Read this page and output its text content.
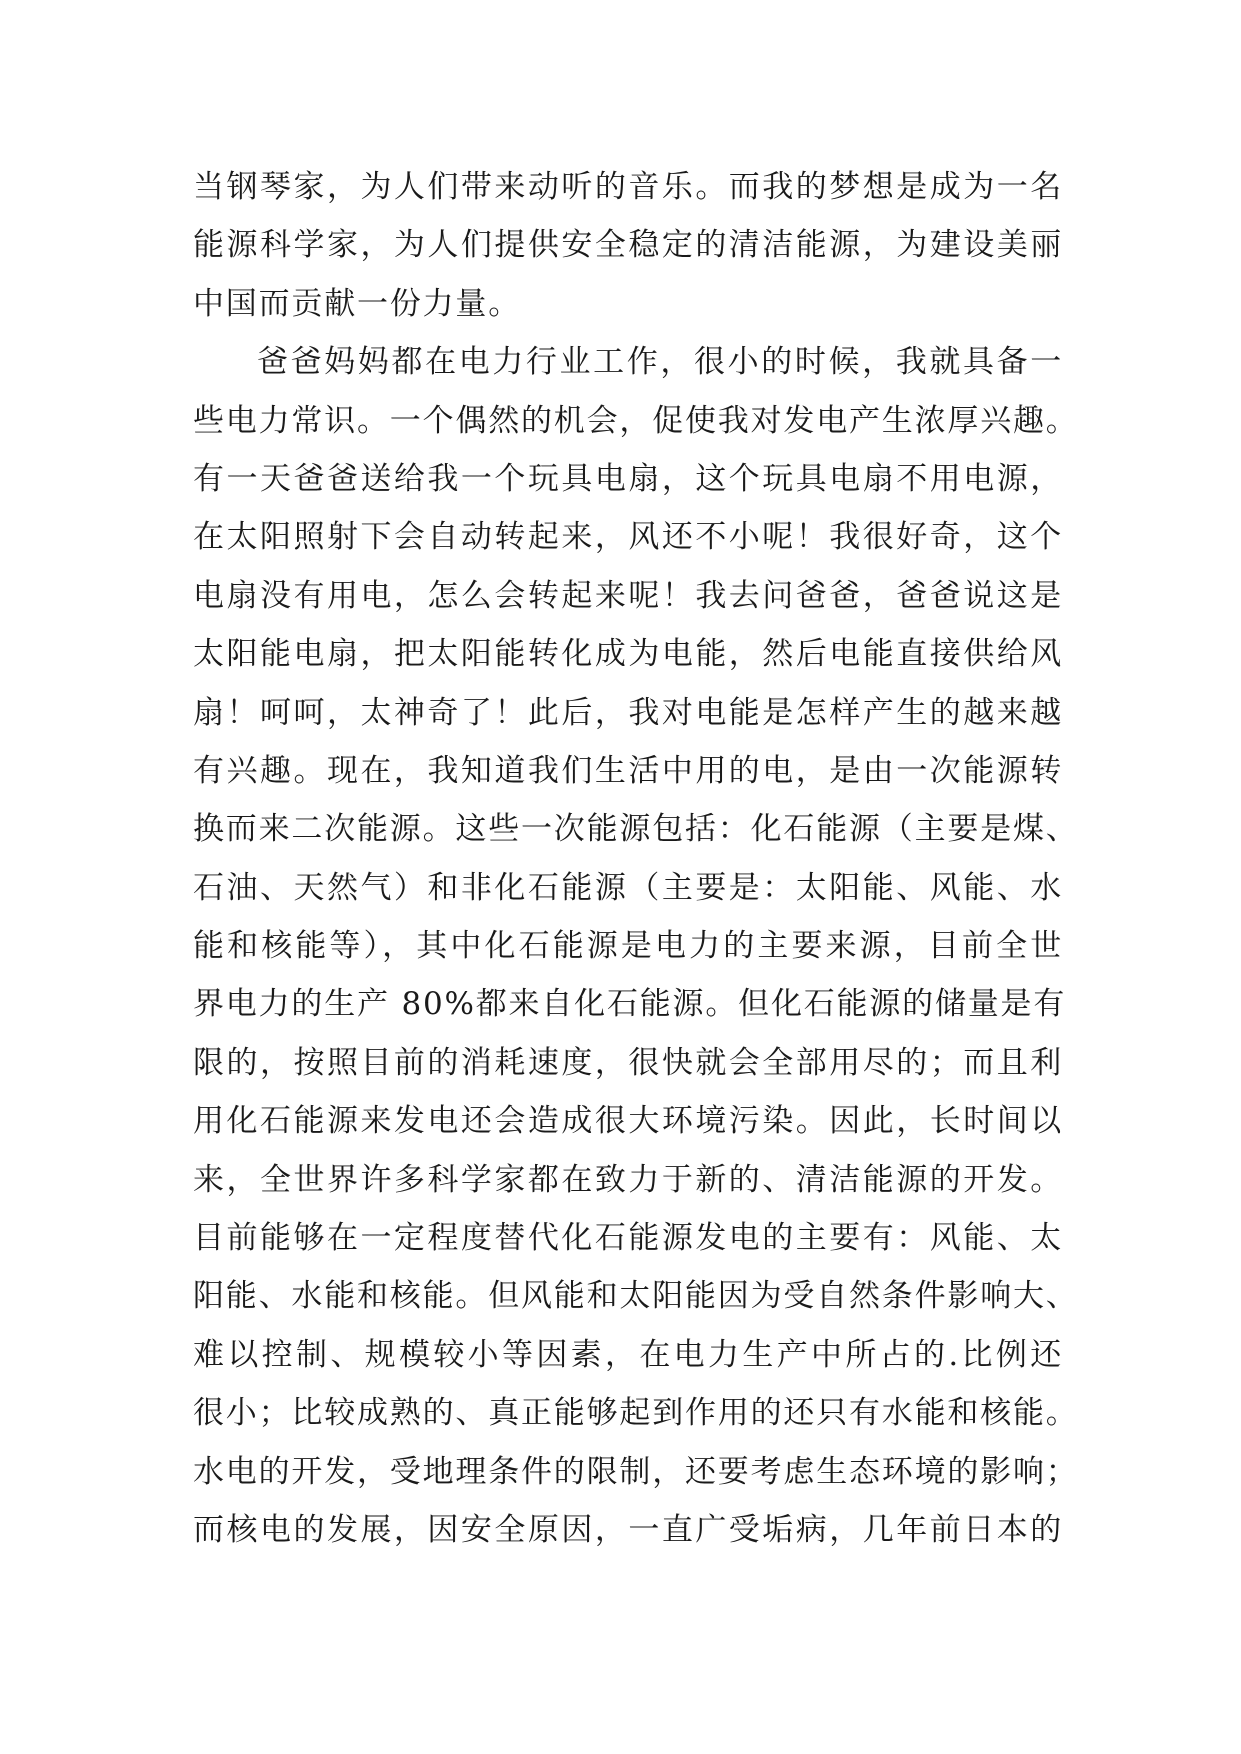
当钢琴家，为人们带来动听的音乐。而我的梦想是成为一名
能源科学家，为人们提供安全稳定的清洁能源，为建设美丽
中国而贡献一份力量。
爸爸妈妈都在电力行业工作，很小的时候，我就具备一
些电力常识。一个偶然的机会，促使我对发电产生浓厚兴趣。
有一天爸爸送给我一个玩具电扇，这个玩具电扇不用电源，
在太阳照射下会自动转起来，风还不小呢！我很好奇，这个
电扇没有用电，怎么会转起来呢！我去问爸爸，爸爸说这是
太阳能电扇，把太阳能转化成为电能，然后电能直接供给风
扇！呵呵，太神奇了！此后，我对电能是怎样产生的越来越
有兴趣。现在，我知道我们生活中用的电，是由一次能源转
换而来二次能源。这些一次能源包括：化石能源（主要是煤、
石油、天然气）和非化石能源（主要是：太阳能、风能、水
能和核能等），其中化石能源是电力的主要来源，目前全世
界电力的生产 80%都来自化石能源。但化石能源的储量是有
限的，按照目前的消耗速度，很快就会全部用尽的；而且利
用化石能源来发电还会造成很大环境污染。因此，长时间以
来，全世界许多科学家都在致力于新的、清洁能源的开发。
目前能够在一定程度替代化石能源发电的主要有：风能、太
阳能、水能和核能。但风能和太阳能因为受自然条件影响大、
难以控制、规模较小等因素，在电力生产中所占的.比例还
很小；比较成熟的、真正能够起到作用的还只有水能和核能。
水电的开发，受地理条件的限制，还要考虑生态环境的影响；
而核电的发展，因安全原因，一直广受垢病，几年前日本的
